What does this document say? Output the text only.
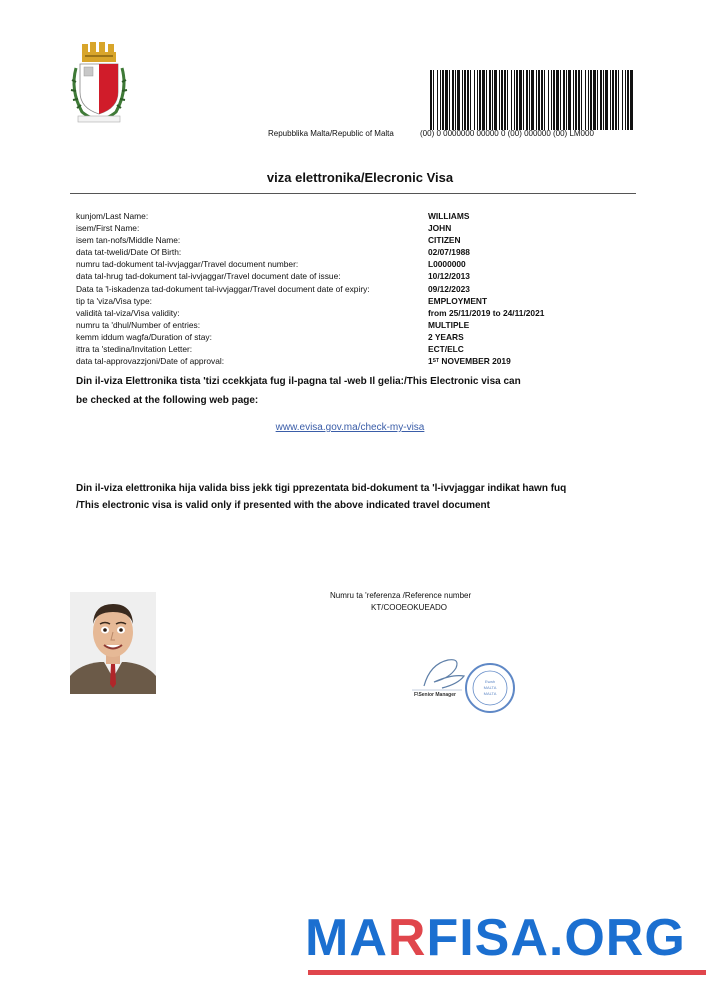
Repubblika Malta/Republic of Malta	(00) 0 0000000 00000 0 (00) 000000 (00) LM000
viza elettronika/Elecronic Visa
kunjom/Last Name:	WILLIAMS
isem/First Name:	JOHN
isem tan-nofs/Middle Name:	CITIZEN
data tat-twelid/Date Of Birth:	02/07/1988
numru tad-dokument tal-ivvjaggar/Travel document number:	L0000000
data tal-hrug tad-dokument tal-ivvjaggar/Travel document date of issue:	10/12/2013
Data ta 'l-iskadenza tad-dokument tal-ivvjaggar/Travel document date of expiry:	09/12/2023
tip ta 'viza/Visa type:	EMPLOYMENT
validità tal-viza/Visa validity:	from 25/11/2019 to 24/11/2021
numru ta 'dhul/Number of entries:	MULTIPLE
kemm iddum wagfa/Duration of stay:	2 YEARS
ittra ta 'stedina/Invitation Letter:	ECT/ELC
data tal-approvazzjoni/Date of approval:	1ST NOVEMBER 2019
Din il-viza Elettronika tista 'tizi ccekkjata fug il-pagna tal -web Il gelia:/This Electronic visa can be checked at the following web page:
www.evisa.gov.ma/check-my-visa
Din il-viza elettronika hija valida biss jekk tigi pprezentata bid-dokument ta 'l-ivvjaggar indikat hawn fuq /This electronic visa is valid only if presented with the above indicated travel document
Numru ta 'referenza /Reference number
KT/COOEOKUEADO
F\Senior Manager
Ewah
MALTA
MALTA
MARFISA.ORG
